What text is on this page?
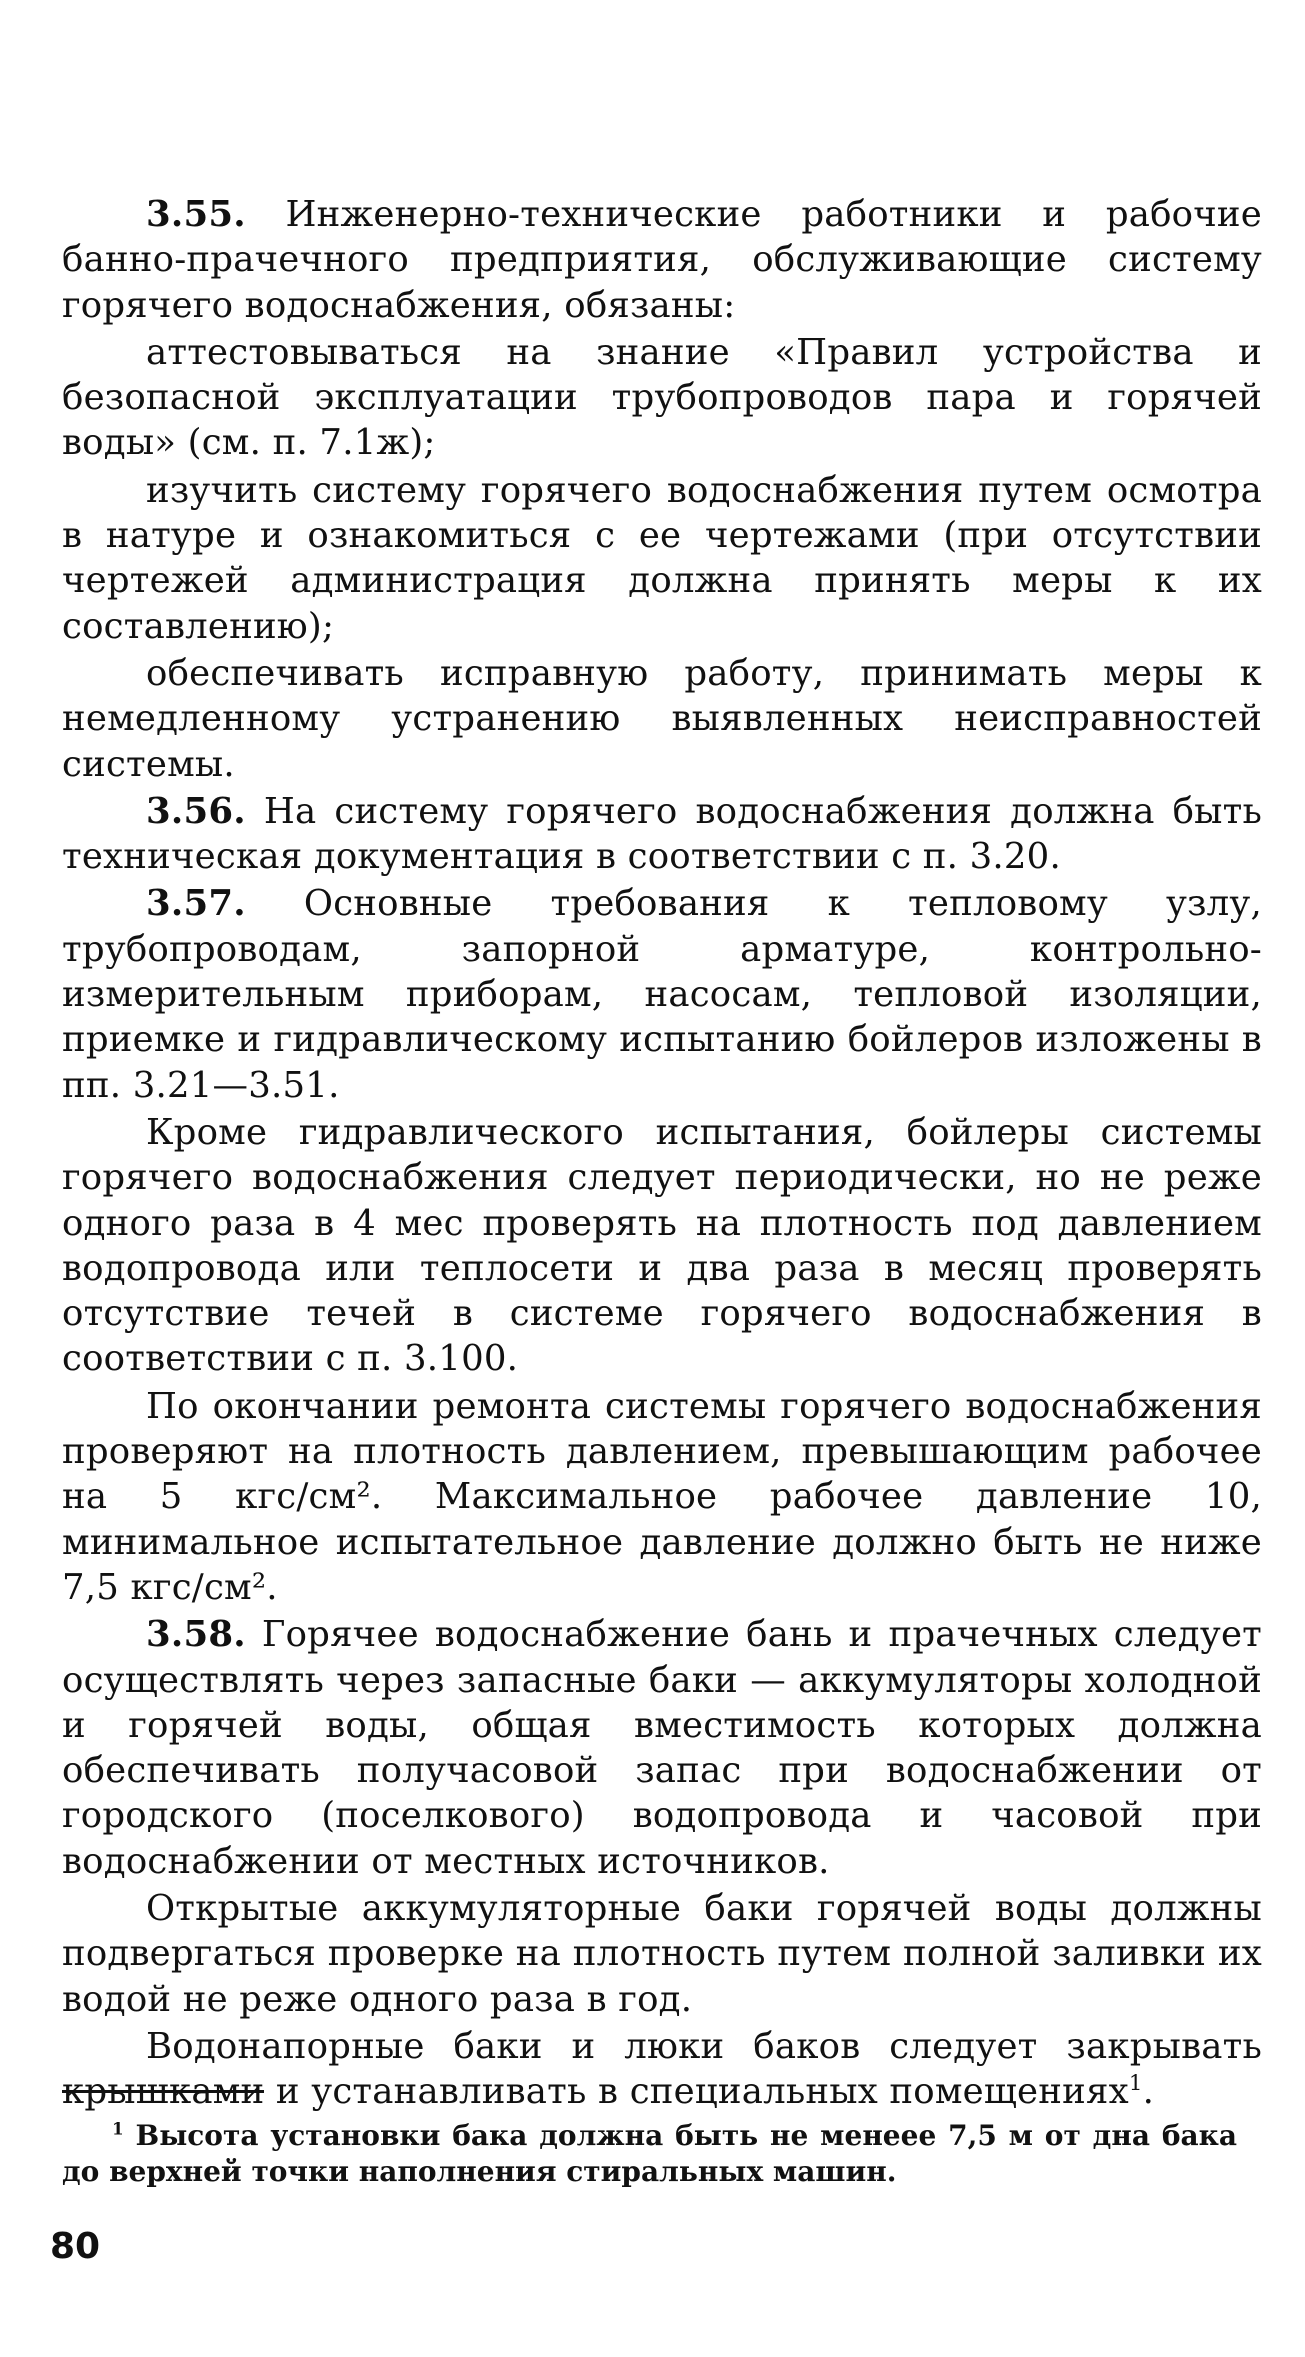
3.55. Инженерно-технические работники и рабочие банно-прачечного предприятия, обслуживающие систему горячего водоснабжения, обязаны:

аттестовываться на знание «Правил устройства и безопасной эксплуатации трубопроводов пара и горячей воды» (см. п. 7.1ж);

изучить систему горячего водоснабжения путем осмотра в натуре и ознакомиться с ее чертежами (при отсутствии чертежей администрация должна принять меры к их составлению);

обеспечивать исправную работу, принимать меры к немедленному устранению выявленных неисправностей системы.

3.56. На систему горячего водоснабжения должна быть техническая документация в соответствии с п. 3.20.

3.57. Основные требования к тепловому узлу, трубопроводам, запорной арматуре, контрольно-измерительным приборам, насосам, тепловой изоляции, приемке и гидравлическому испытанию бойлеров изложены в пп. 3.21—3.51.

Кроме гидравлического испытания, бойлеры системы горячего водоснабжения следует периодически, но не реже одного раза в 4 мес проверять на плотность под давлением водопровода или теплосети и два раза в месяц проверять отсутствие течей в системе горячего водоснабжения в соответствии с п. 3.100.

По окончании ремонта системы горячего водоснабжения проверяют на плотность давлением, превышающим рабочее на 5 кгс/см². Максимальное рабочее давление 10, минимальное испытательное давление должно быть не ниже 7,5 кгс/см².

3.58. Горячее водоснабжение бань и прачечных следует осуществлять через запасные баки — аккумуляторы холодной и горячей воды, общая вместимость которых должна обеспечивать получасовой запас при водоснабжении от городского (поселкового) водопровода и часовой при водоснабжении от местных источников.

Открытые аккумуляторные баки горячей воды должны подвергаться проверке на плотность путем полной заливки их водой не реже одного раза в год.

Водонапорные баки и люки баков следует закрывать крышками и устанавливать в специальных помещениях$^1$.

$^1$ Высота установки бака должна быть не менеее 7,5 м от дна бака до верхней точки наполнения стиральных машин.

80
